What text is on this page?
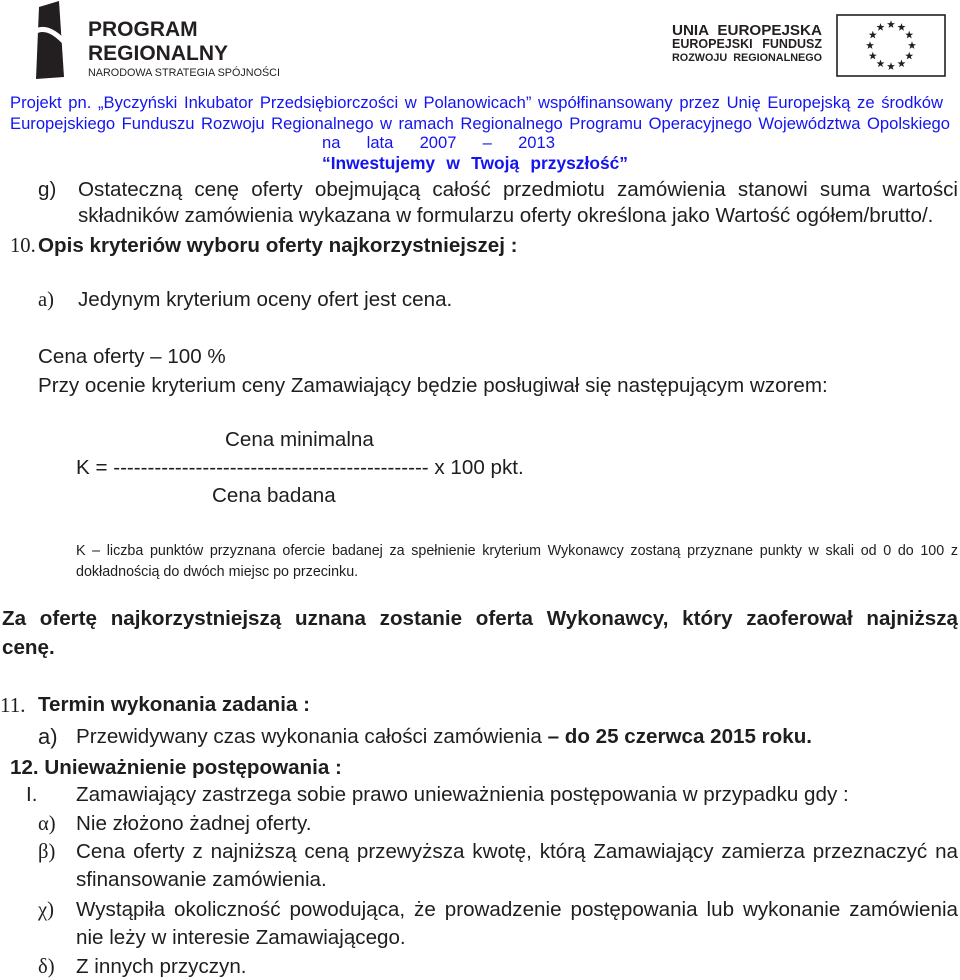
PROGRAM
REGIONALNY
NARODOWA STRATEGIA SPÓJNOŚCI
UNIA EUROPEJSKA
EUROPEJSKI FUNDUSZ
ROZWOJU REGIONALNEGO
Projekt pn. „Byczyński Inkubator Przedsiębiorczości w Polanowicach” współfinansowany przez Unię Europejską ze środków
Europejskiego Funduszu Rozwoju Regionalnego w ramach Regionalnego Programu Operacyjnego Województwa Opolskiego
na lata 2007 – 2013
“Inwestujemy w Twoją przyszłość”
g) Ostateczną cenę oferty obejmującą całość przedmiotu zamówienia stanowi suma wartości
składników zamówienia wykazana w formularzu oferty określona jako Wartość ogółem/brutto/.
10. Opis kryteriów wyboru oferty najkorzystniejszej :
a) Jedynym kryterium oceny ofert jest cena.
Cena oferty – 100 %
Przy ocenie kryterium ceny Zamawiający będzie posługiwał się następującym wzorem:
Cena minimalna
K = ---------------------------------------------- x 100 pkt.
Cena badana
K – liczba punktów przyznana ofercie badanej za spełnienie kryterium Wykonawcy zostaną przyznane punkty w skali od 0 do 100 z
dokładnością do dwóch miejsc po przecinku.
Za ofertę najkorzystniejszą uznana zostanie oferta Wykonawcy, który zaoferował najniższą
cenę.
11. Termin wykonania zadania :
a) Przewidywany czas wykonania całości zamówienia – do 25 czerwca 2015 roku.
12. Unieważnienie postępowania :
I. Zamawiający zastrzega sobie prawo unieważnienia postępowania w przypadku gdy :
α) Nie złożono żadnej oferty.
β) Cena oferty z najniższą ceną przewyższa kwotę, którą Zamawiający zamierza przeznaczyć na
sfinansowanie zamówienia.
χ) Wystąpiła okoliczność powodująca, że prowadzenie postępowania lub wykonanie zamówienia
nie leży w interesie Zamawiającego.
δ) Z innych przyczyn.
